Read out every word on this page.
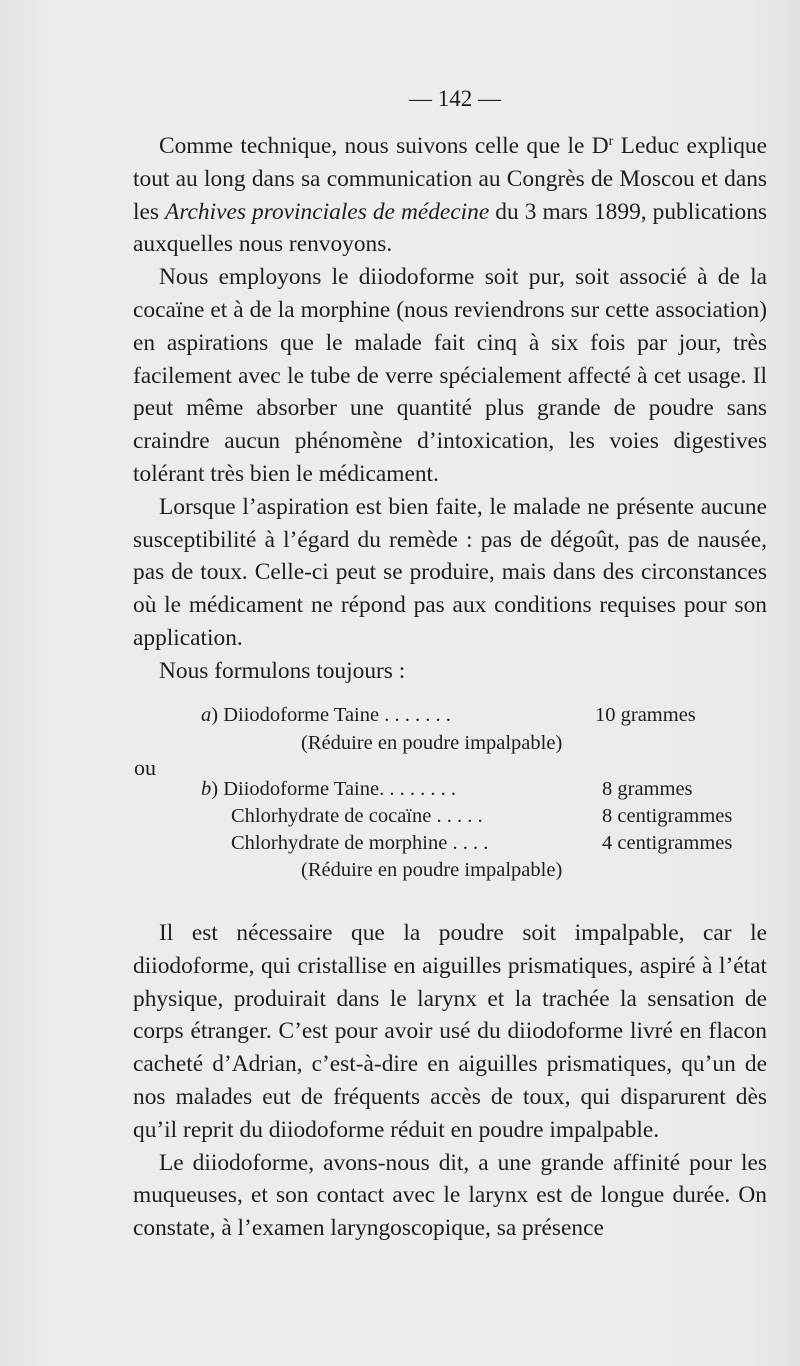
— 142 —

Comme technique, nous suivons celle que le $D^r$ Leduc explique tout au long dans sa communication au Congrès de Moscou et dans les Archives provinciales de médecine du 3 mars 1899, publications auxquelles nous renvoyons.

Nous employons le diiodoforme soit pur, soit associé à de la cocaïne et à de la morphine (nous reviendrons sur cette association) en aspirations que le malade fait cinq à six fois par jour, très facilement avec le tube de verre spécialement affecté à cet usage. Il peut même absorber une quantité plus grande de poudre sans craindre aucun phénomène d’intoxication, les voies digestives tolérant très bien le médicament.

Lorsque l’aspiration est bien faite, le malade ne présente aucune susceptibilité à l’égard du remède : pas de dégoût, pas de nausée, pas de toux. Celle-ci peut se produire, mais dans des circonstances où le médicament ne répond pas aux conditions requises pour son application.

Nous formulons toujours :

a) Diiodoforme Taine . . . . . . .	10 grammes
(Réduire en poudre impalpable)
ou
b) Diiodoforme Taine. . . . . . . .	8 grammes
Chlorhydrate de cocaïne . . . . .	8 centigrammes
Chlorhydrate de morphine . . . .	4 centigrammes
(Réduire en poudre impalpable)

Il est nécessaire que la poudre soit impalpable, car le diiodoforme, qui cristallise en aiguilles prismatiques, aspiré à l’état physique, produirait dans le larynx et la trachée la sensation de corps étranger. C’est pour avoir usé du diiodoforme livré en flacon cacheté d’Adrian, c’est-à-dire en aiguilles prismatiques, qu’un de nos malades eut de fréquents accès de toux, qui disparurent dès qu’il reprit du diiodoforme réduit en poudre impalpable.

Le diiodoforme, avons-nous dit, a une grande affinité pour les muqueuses, et son contact avec le larynx est de longue durée. On constate, à l’examen laryngoscopique, sa présence
